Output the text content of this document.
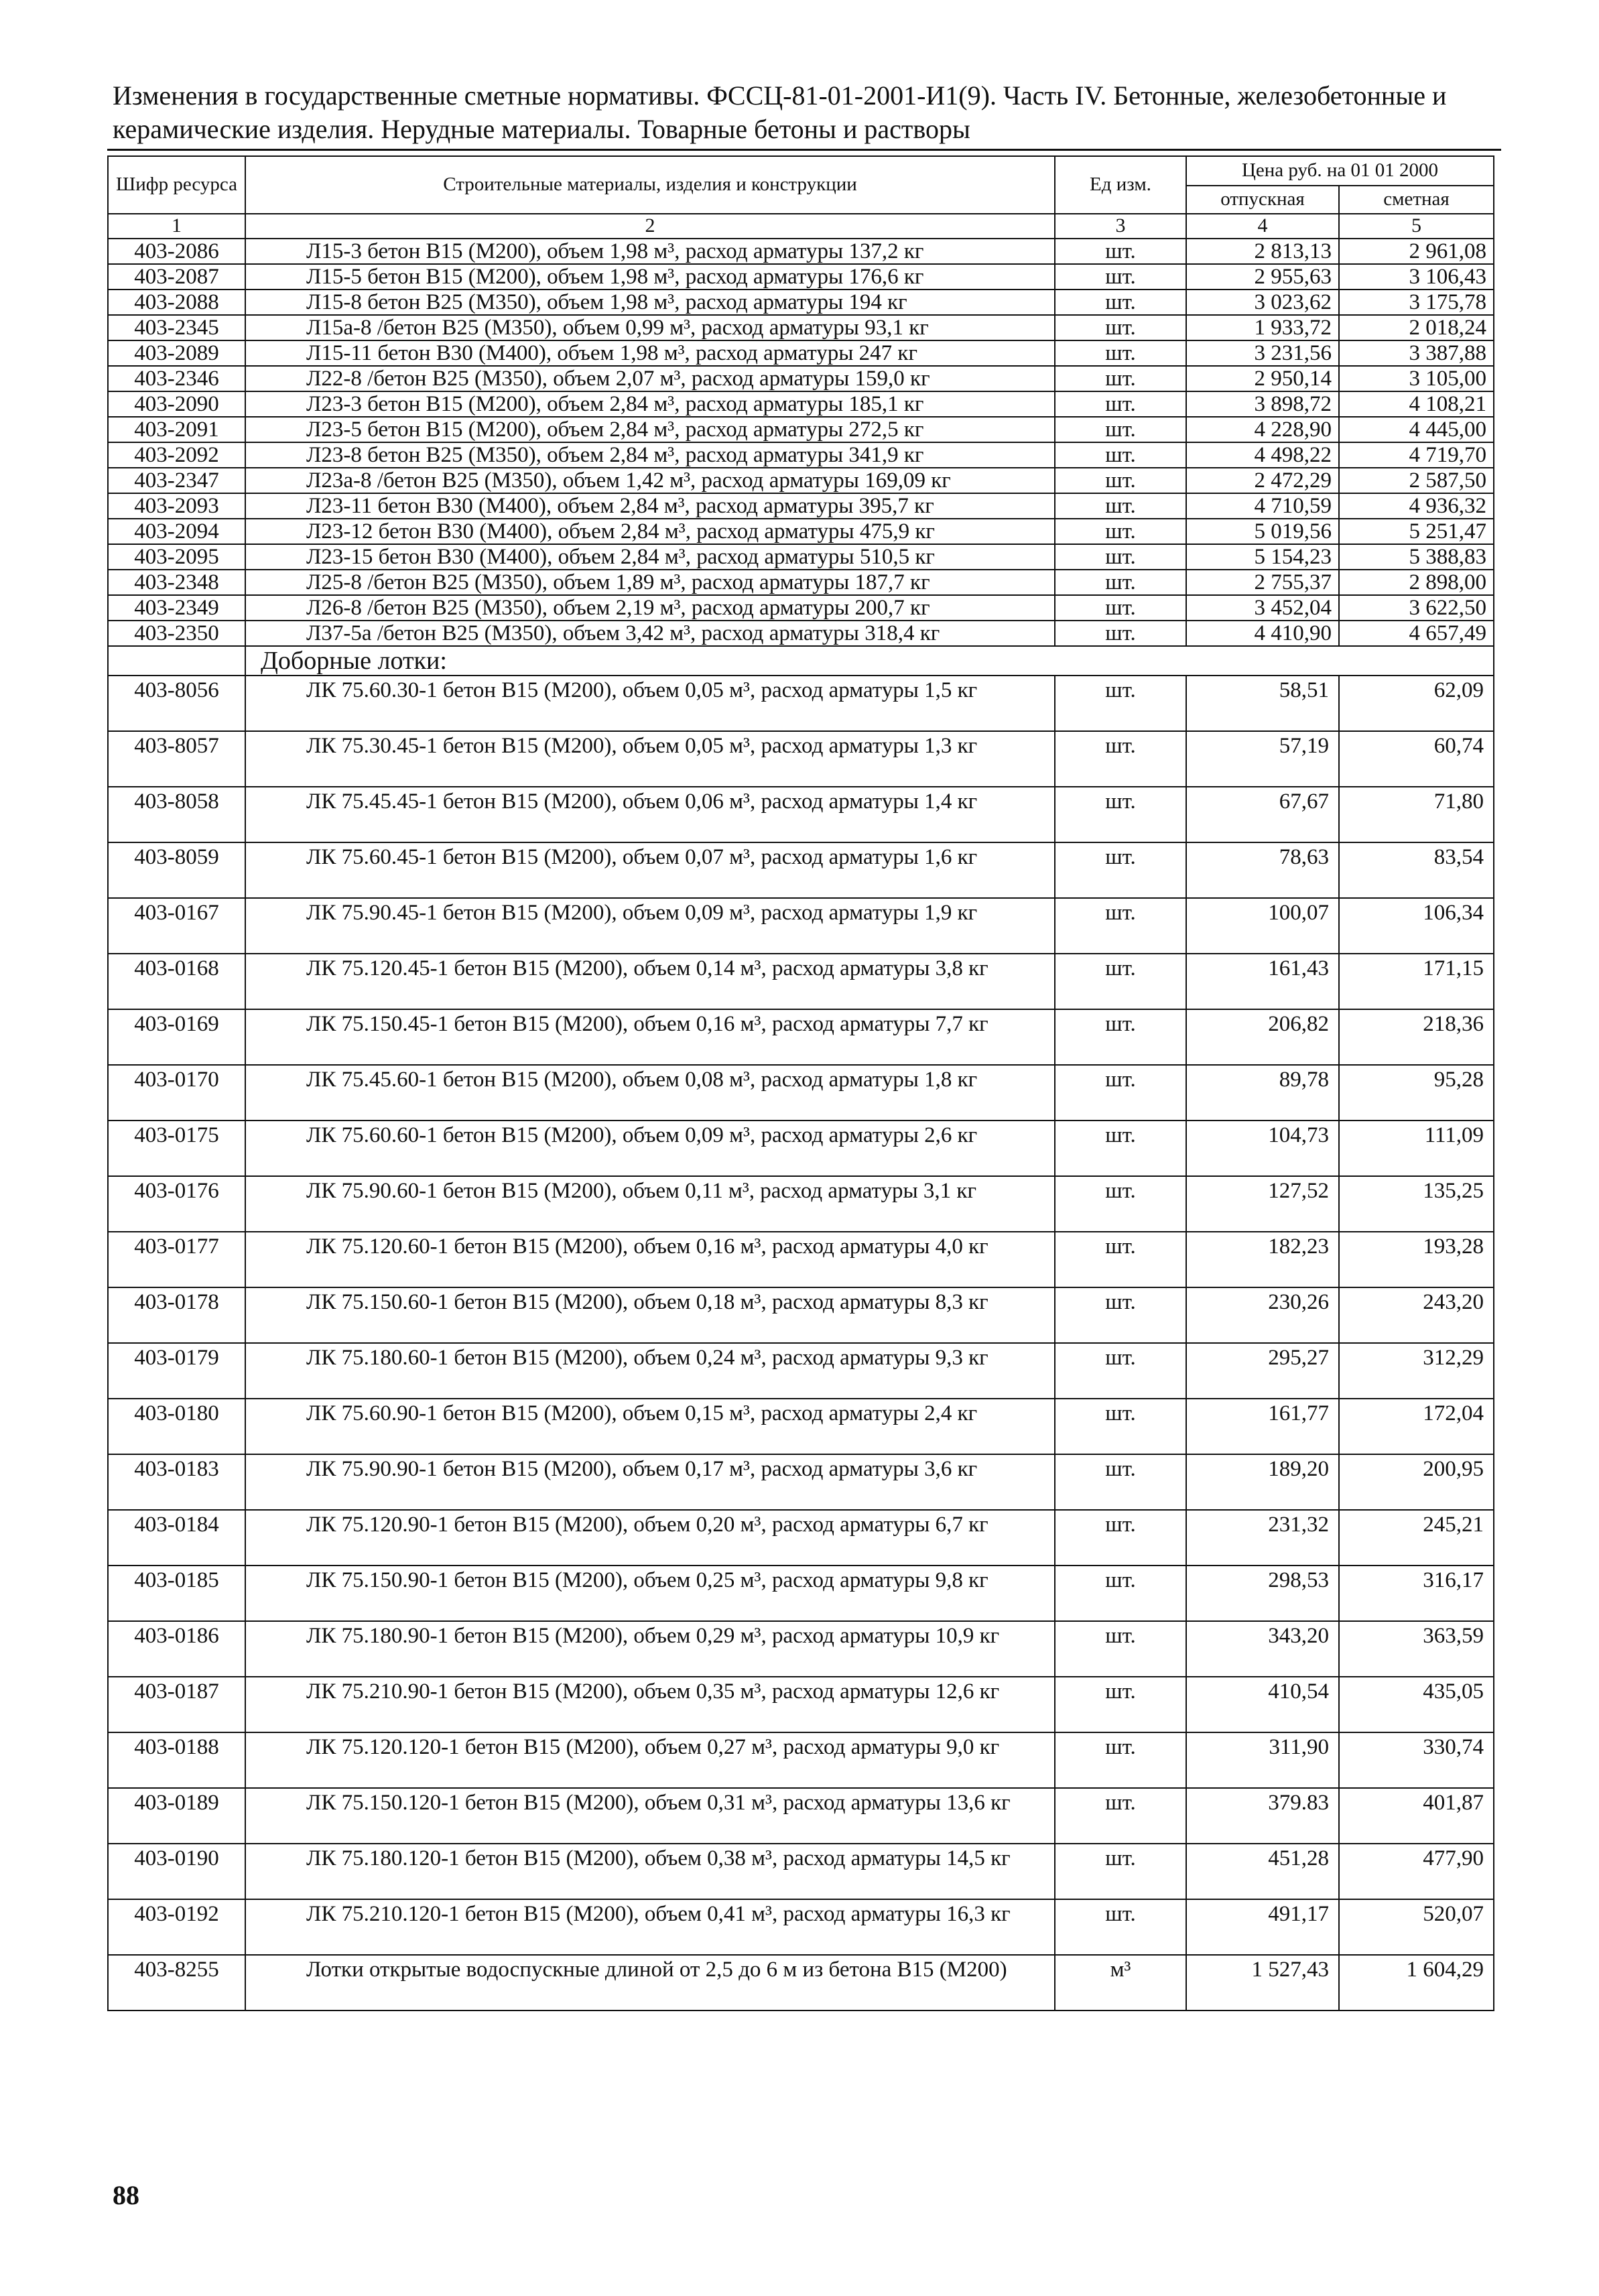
Изменения в государственные сметные нормативы. ФССЦ-81-01-2001-И1(9). Часть IV. Бетонные, железобетонные и керамические изделия. Нерудные материалы. Товарные бетоны и растворы

Шифр ресурса	Строительные материалы, изделия и конструкции	Ед изм.	Цена руб. на 01 01 2000	
			отпускная	сметная
1	2	3	4	5
403-2086	Л15-3 бетон В15 (М200), объем 1,98 м³, расход арматуры 137,2 кг	шт.	2 813,13	2 961,08
403-2087	Л15-5 бетон В15 (М200), объем 1,98 м³, расход арматуры 176,6 кг	шт.	2 955,63	3 106,43
403-2088	Л15-8 бетон В25 (М350), объем 1,98 м³, расход арматуры 194 кг	шт.	3 023,62	3 175,78
403-2345	Л15а-8 /бетон В25 (М350), объем 0,99 м³, расход арматуры 93,1 кг	шт.	1 933,72	2 018,24
403-2089	Л15-11 бетон В30 (М400), объем 1,98 м³, расход арматуры 247 кг	шт.	3 231,56	3 387,88
403-2346	Л22-8 /бетон В25 (М350), объем 2,07 м³, расход арматуры 159,0 кг	шт.	2 950,14	3 105,00
403-2090	Л23-3 бетон В15 (М200), объем 2,84 м³, расход арматуры 185,1 кг	шт.	3 898,72	4 108,21
403-2091	Л23-5 бетон В15 (М200), объем 2,84 м³, расход арматуры 272,5 кг	шт.	4 228,90	4 445,00
403-2092	Л23-8 бетон В25 (М350), объем 2,84 м³, расход арматуры 341,9 кг	шт.	4 498,22	4 719,70
403-2347	Л23а-8 /бетон В25 (М350), объем 1,42 м³, расход арматуры 169,09 кг	шт.	2 472,29	2 587,50
403-2093	Л23-11 бетон В30 (М400), объем 2,84 м³, расход арматуры 395,7 кг	шт.	4 710,59	4 936,32
403-2094	Л23-12 бетон В30 (М400), объем 2,84 м³, расход арматуры 475,9 кг	шт.	5 019,56	5 251,47
403-2095	Л23-15 бетон В30 (М400), объем 2,84 м³, расход арматуры 510,5 кг	шт.	5 154,23	5 388,83
403-2348	Л25-8 /бетон В25 (М350), объем 1,89 м³, расход арматуры 187,7 кг	шт.	2 755,37	2 898,00
403-2349	Л26-8 /бетон В25 (М350), объем 2,19 м³, расход арматуры 200,7 кг	шт.	3 452,04	3 622,50
403-2350	Л37-5а /бетон В25 (М350), объем 3,42 м³, расход арматуры 318,4 кг	шт.	4 410,90	4 657,49
	Доборные лотки:			
403-8056	ЛК 75.60.30-1 бетон В15 (М200), объем 0,05 м³, расход арматуры 1,5 кг	шт.	58,51	62,09
403-8057	ЛК 75.30.45-1 бетон В15 (М200), объем 0,05 м³, расход арматуры 1,3 кг	шт.	57,19	60,74
403-8058	ЛК 75.45.45-1 бетон В15 (М200), объем 0,06 м³, расход арматуры 1,4 кг	шт.	67,67	71,80
403-8059	ЛК 75.60.45-1 бетон В15 (М200), объем 0,07 м³, расход арматуры 1,6 кг	шт.	78,63	83,54
403-0167	ЛК 75.90.45-1 бетон В15 (М200), объем 0,09 м³, расход арматуры 1,9 кг	шт.	100,07	106,34
403-0168	ЛК 75.120.45-1 бетон В15 (М200), объем 0,14 м³, расход арматуры 3,8 кг	шт.	161,43	171,15
403-0169	ЛК 75.150.45-1 бетон В15 (М200), объем 0,16 м³, расход арматуры 7,7 кг	шт.	206,82	218,36
403-0170	ЛК 75.45.60-1 бетон В15 (М200), объем 0,08 м³, расход арматуры 1,8 кг	шт.	89,78	95,28
403-0175	ЛК 75.60.60-1 бетон В15 (М200), объем 0,09 м³, расход арматуры 2,6 кг	шт.	104,73	111,09
403-0176	ЛК 75.90.60-1 бетон В15 (М200), объем 0,11 м³, расход арматуры 3,1 кг	шт.	127,52	135,25
403-0177	ЛК 75.120.60-1 бетон В15 (М200), объем 0,16 м³, расход арматуры 4,0 кг	шт.	182,23	193,28
403-0178	ЛК 75.150.60-1 бетон В15 (М200), объем 0,18 м³, расход арматуры 8,3 кг	шт.	230,26	243,20
403-0179	ЛК 75.180.60-1 бетон В15 (М200), объем 0,24 м³, расход арматуры 9,3 кг	шт.	295,27	312,29
403-0180	ЛК 75.60.90-1 бетон В15 (М200), объем 0,15 м³, расход арматуры 2,4 кг	шт.	161,77	172,04
403-0183	ЛК 75.90.90-1 бетон В15 (М200), объем 0,17 м³, расход арматуры 3,6 кг	шт.	189,20	200,95
403-0184	ЛК 75.120.90-1 бетон В15 (М200), объем 0,20 м³, расход арматуры 6,7 кг	шт.	231,32	245,21
403-0185	ЛК 75.150.90-1 бетон В15 (М200), объем 0,25 м³, расход арматуры 9,8 кг	шт.	298,53	316,17
403-0186	ЛК 75.180.90-1 бетон В15 (М200), объем 0,29 м³, расход арматуры 10,9 кг	шт.	343,20	363,59
403-0187	ЛК 75.210.90-1 бетон В15 (М200), объем 0,35 м³, расход арматуры 12,6 кг	шт.	410,54	435,05
403-0188	ЛК 75.120.120-1 бетон В15 (М200), объем 0,27 м³, расход арматуры 9,0 кг	шт.	311,90	330,74
403-0189	ЛК 75.150.120-1 бетон В15 (М200), объем 0,31 м³, расход арматуры 13,6 кг	шт.	379.83	401,87
403-0190	ЛК 75.180.120-1 бетон В15 (М200), объем 0,38 м³, расход арматуры 14,5 кг	шт.	451,28	477,90
403-0192	ЛК 75.210.120-1 бетон В15 (М200), объем 0,41 м³, расход арматуры 16,3 кг	шт.	491,17	520,07
403-8255	Лотки открытые водоспускные длиной от 2,5 до 6 м из бетона В15 (М200)	м³	1 527,43	1 604,29
88
